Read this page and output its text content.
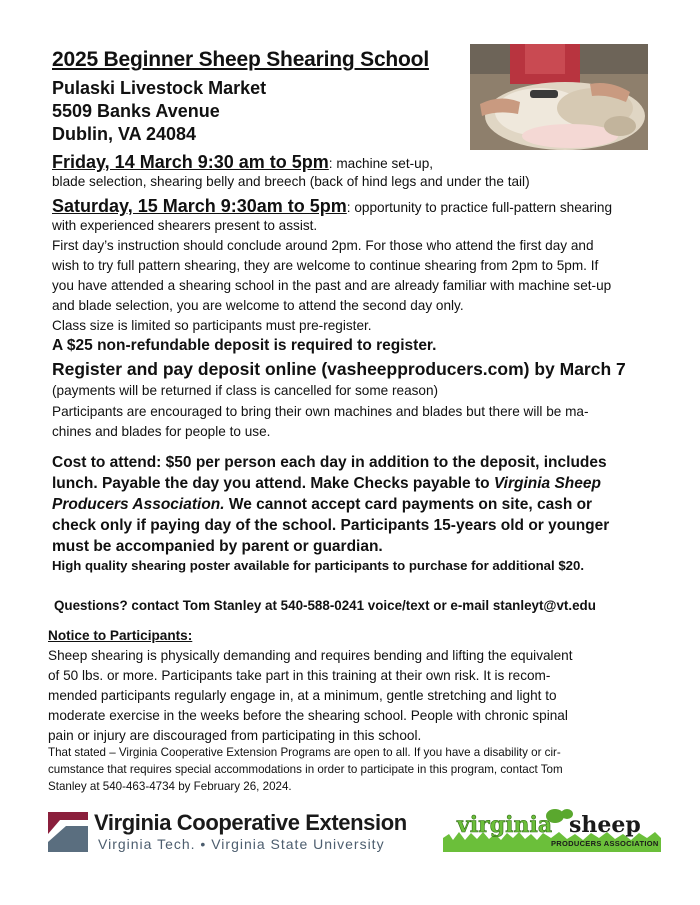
2025 Beginner Sheep Shearing School
Pulaski Livestock Market
5509 Banks Avenue
Dublin, VA 24084
Friday, 14 March 9:30 am to 5pm: machine set-up,
blade selection, shearing belly and breech (back of hind legs and under the tail)
Saturday, 15 March 9:30am to 5pm: opportunity to practice full-pattern shearing
with experienced shearers present to assist.
First day’s instruction should conclude around 2pm. For those who attend the first day and
wish to try full pattern shearing, they are welcome to continue shearing from 2pm to 5pm. If
you have attended a shearing school in the past and are already familiar with machine set-up
and blade selection, you are welcome to attend the second day only.
Class size is limited so participants must pre-register.
A $25 non-refundable deposit is required to register.
Register and pay deposit online (vasheepproducers.com) by March 7
(payments will be returned if class is cancelled for some reason)
Participants are encouraged to bring their own machines and blades but there will be ma-
chines and blades for people to use.
Cost to attend: $50 per person each day in addition to the deposit, includes
lunch. Payable the day you attend. Make Checks payable to Virginia Sheep
Producers Association. We cannot accept card payments on site, cash or
check only if paying day of the school. Participants 15-years old or younger
must be accompanied by parent or guardian.
High quality shearing poster available for participants to purchase for additional $20.
Questions? contact Tom Stanley at 540-588-0241 voice/text or e-mail stanleyt@vt.edu
Notice to Participants:
Sheep shearing is physically demanding and requires bending and lifting the equivalent
of 50 lbs. or more. Participants take part in this training at their own risk. It is recom-
mended participants regularly engage in, at a minimum, gentle stretching and light to
moderate exercise in the weeks before the shearing school. People with chronic spinal
pain or injury are discouraged from participating in this school.
That stated – Virginia Cooperative Extension Programs are open to all. If you have a disability or cir-
cumstance that requires special accommodations in order to participate in this program, contact Tom
Stanley at 540-463-4734 by February 26, 2024.
Virginia Cooperative Extension
Virginia Tech. • Virginia State University
virginia sheep
PRODUCERS ASSOCIATION
